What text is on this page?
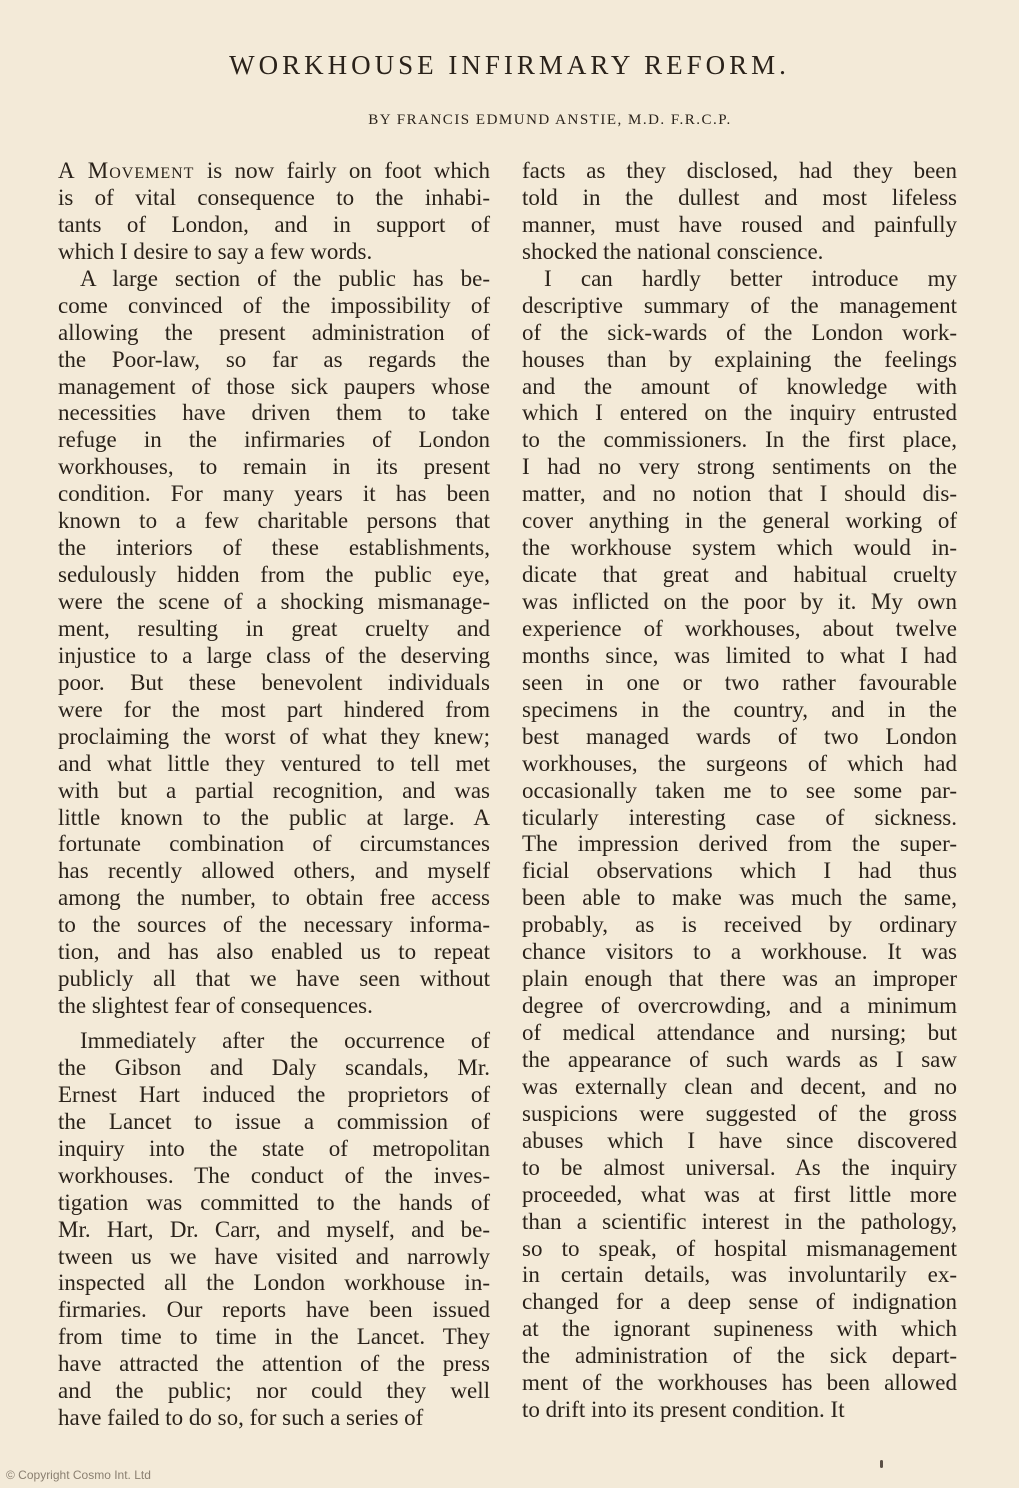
WORKHOUSE INFIRMARY REFORM.

BY FRANCIS EDMUND ANSTIE, M.D. F.R.C.P.

A Movement is now fairly on foot which
is of vital consequence to the inhabi-
tants of London, and in support of
which I desire to say a few words.

A large section of the public has be-
come convinced of the impossibility of
allowing the present administration of
the Poor-law, so far as regards the
management of those sick paupers whose
necessities have driven them to take
refuge in the infirmaries of London
workhouses, to remain in its present
condition. For many years it has been
known to a few charitable persons that
the interiors of these establishments,
sedulously hidden from the public eye,
were the scene of a shocking mismanage-
ment, resulting in great cruelty and
injustice to a large class of the deserving
poor. But these benevolent individuals
were for the most part hindered from
proclaiming the worst of what they knew;
and what little they ventured to tell met
with but a partial recognition, and was
little known to the public at large. A
fortunate combination of circumstances
has recently allowed others, and myself
among the number, to obtain free access
to the sources of the necessary informa-
tion, and has also enabled us to repeat
publicly all that we have seen without
the slightest fear of consequences.

Immediately after the occurrence of
the Gibson and Daly scandals, Mr.
Ernest Hart induced the proprietors of
the Lancet to issue a commission of
inquiry into the state of metropolitan
workhouses. The conduct of the inves-
tigation was committed to the hands of
Mr. Hart, Dr. Carr, and myself, and be-
tween us we have visited and narrowly
inspected all the London workhouse in-
firmaries. Our reports have been issued
from time to time in the Lancet. They
have attracted the attention of the press
and the public; nor could they well
have failed to do so, for such a series of

facts as they disclosed, had they been
told in the dullest and most lifeless
manner, must have roused and painfully
shocked the national conscience.

I can hardly better introduce my
descriptive summary of the management
of the sick-wards of the London work-
houses than by explaining the feelings
and the amount of knowledge with
which I entered on the inquiry entrusted
to the commissioners. In the first place,
I had no very strong sentiments on the
matter, and no notion that I should dis-
cover anything in the general working of
the workhouse system which would in-
dicate that great and habitual cruelty
was inflicted on the poor by it. My own
experience of workhouses, about twelve
months since, was limited to what I had
seen in one or two rather favourable
specimens in the country, and in the
best managed wards of two London
workhouses, the surgeons of which had
occasionally taken me to see some par-
ticularly interesting case of sickness.
The impression derived from the super-
ficial observations which I had thus
been able to make was much the same,
probably, as is received by ordinary
chance visitors to a workhouse. It was
plain enough that there was an improper
degree of overcrowding, and a minimum
of medical attendance and nursing; but
the appearance of such wards as I saw
was externally clean and decent, and no
suspicions were suggested of the gross
abuses which I have since discovered
to be almost universal. As the inquiry
proceeded, what was at first little more
than a scientific interest in the pathology,
so to speak, of hospital mismanagement
in certain details, was involuntarily ex-
changed for a deep sense of indignation
at the ignorant supineness with which
the administration of the sick depart-
ment of the workhouses has been allowed
to drift into its present condition. It

© Copyright Cosmo Int. Ltd
